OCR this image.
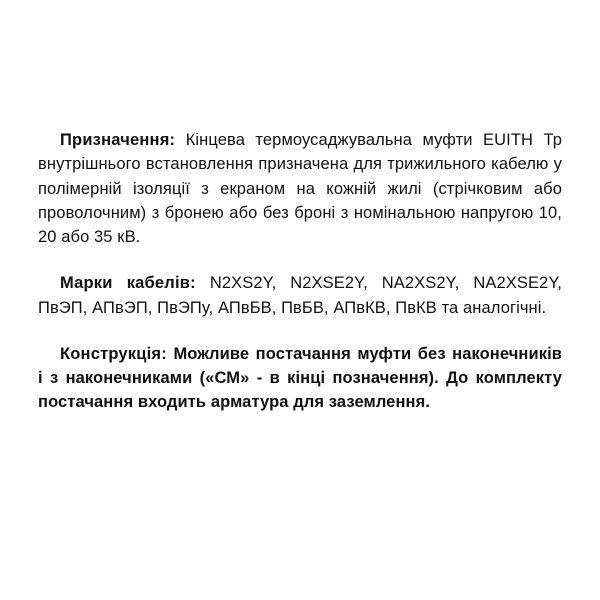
Призначення: Кінцева термоусаджувальна муфти EUITH Тр внутрішнього встановлення призначена для трижильного кабелю у полімерній ізоляції з екраном на кожній жилі (стрічковим або проволочним) з бронею або без броні з номінальною напругою 10, 20 або 35 кВ.

Марки кабелів: N2XS2Y, N2XSE2Y, NA2XS2Y, NA2XSE2Y, ПвЭП, АПвЭП, ПвЭПу, АПвБВ, ПвБВ, АПвКВ, ПвКВ та аналогічні.

Конструкція: Можливе постачання муфти без наконечників і з наконечниками («СМ» - в кінці позначення). До комплекту постачання входить арматура для заземлення.
